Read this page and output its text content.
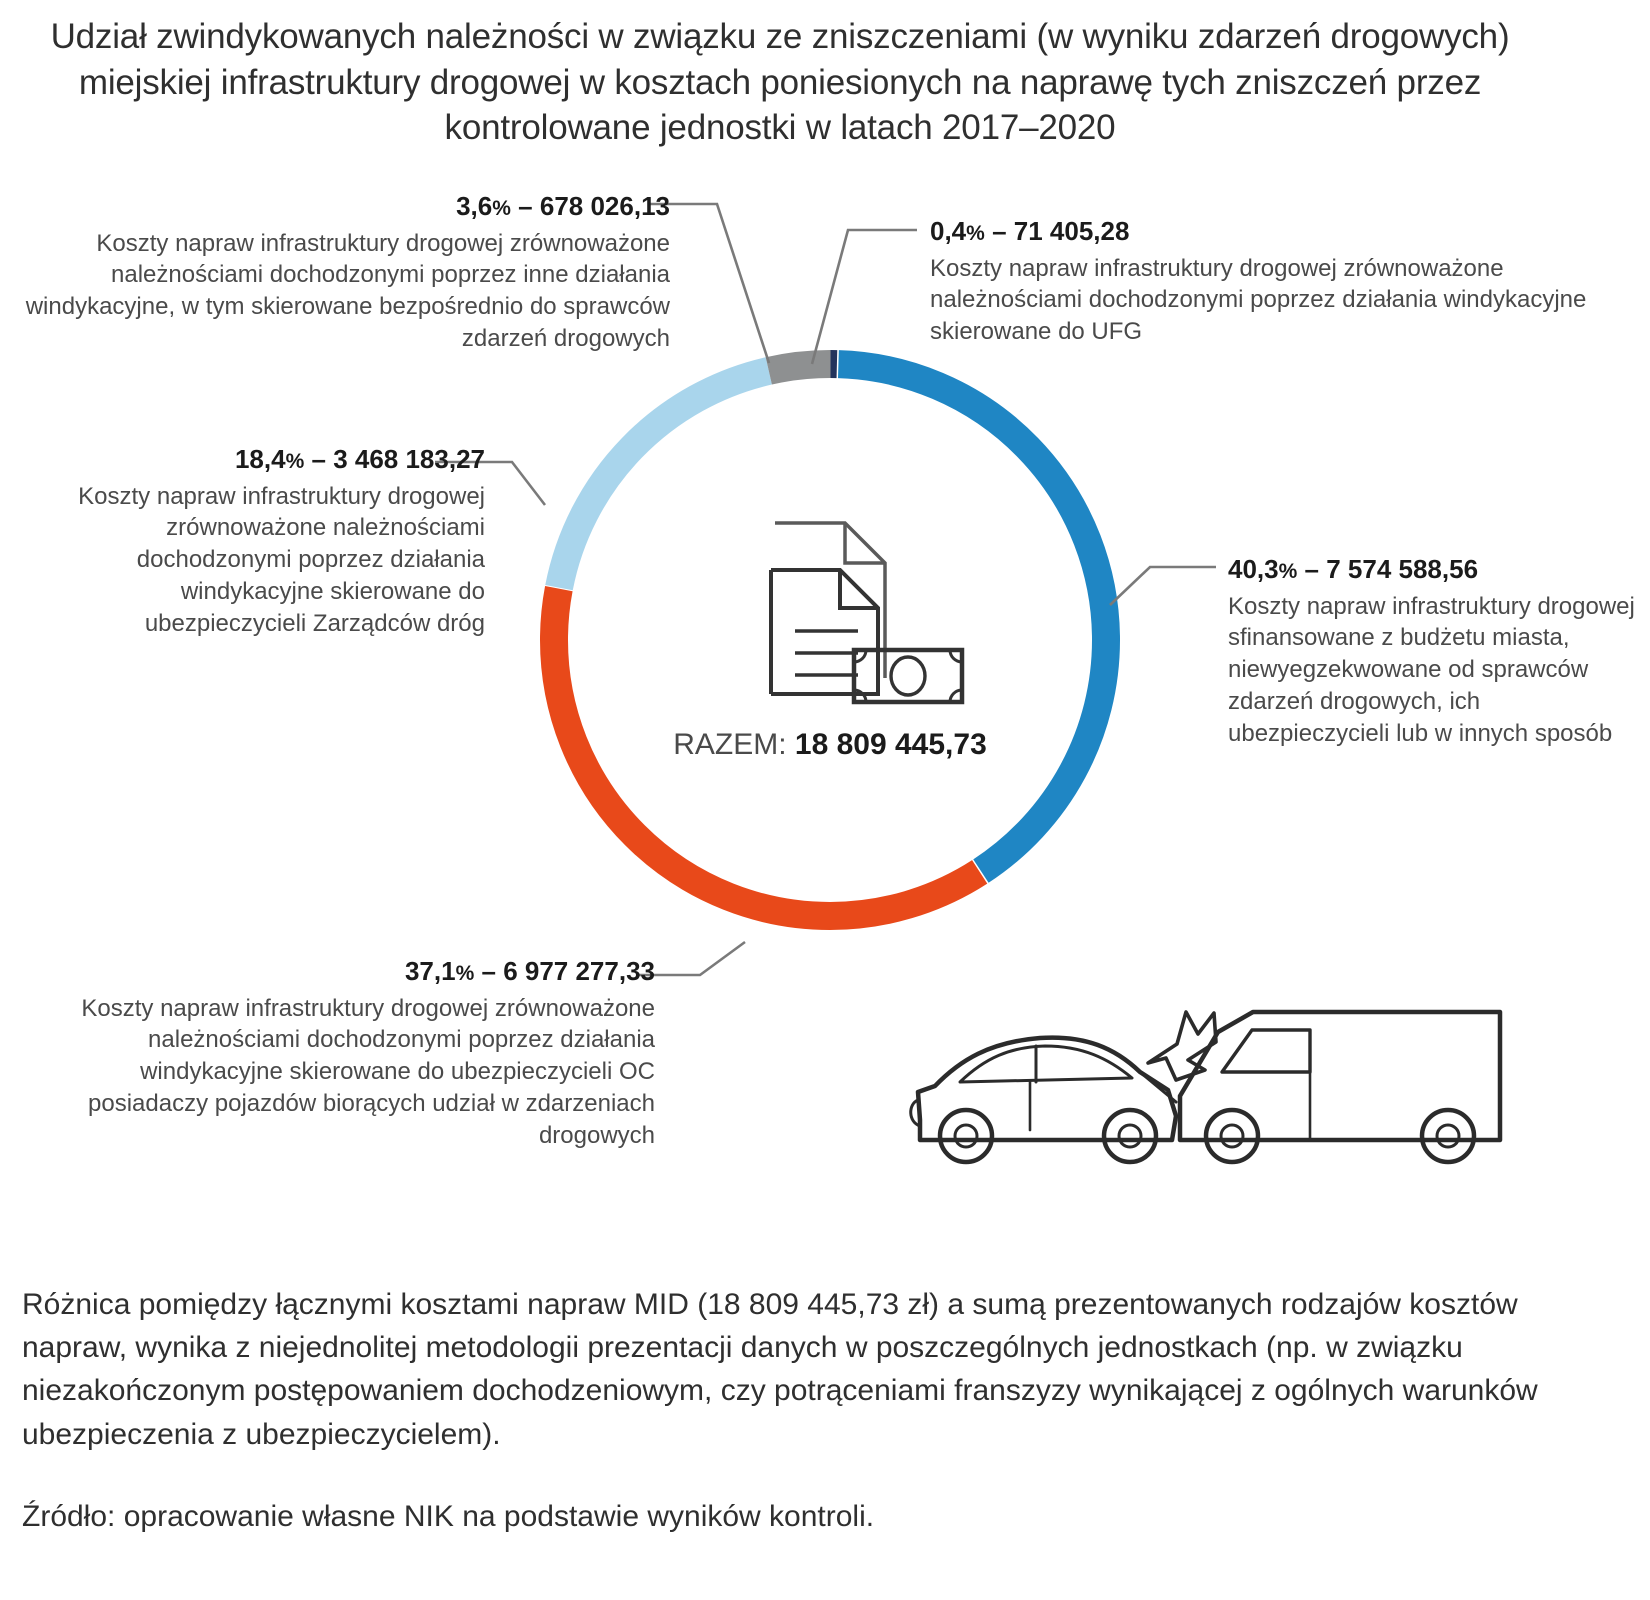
Udział zwindykowanych należności w związku ze zniszczeniami (w wyniku zdarzeń drogowych) miejskiej infrastruktury drogowej w kosztach poniesionych na naprawę tych zniszczeń przez kontrolowane jednostki w latach 2017–2020
3,6% – 678 026,13
Koszty napraw infrastruktury drogowej zrównoważone należnościami dochodzonymi poprzez inne działania windykacyjne, w tym skierowane bezpośrednio do sprawców zdarzeń drogowych
0,4% – 71 405,28
Koszty napraw infrastruktury drogowej zrównoważone należnościami dochodzonymi poprzez działania windykacyjne skierowane do UFG
18,4% – 3 468 183,27
Koszty napraw infrastruktury drogowej zrównoważone należnościami dochodzonymi poprzez działania windykacyjne skierowane do ubezpieczycieli Zarządców dróg
40,3% – 7 574 588,56
Koszty napraw infrastruktury drogowej sfinansowane z budżetu miasta, niewyegzekwowane od sprawców zdarzeń drogowych, ich ubezpieczycieli lub w innych sposób
37,1% – 6 977 277,33
Koszty napraw infrastruktury drogowej zrównoważone należnościami dochodzonymi poprzez działania windykacyjne skierowane do ubezpieczycieli OC posiadaczy pojazdów biorących udział w zdarzeniach drogowych
RAZEM: 18 809 445,73
Różnica pomiędzy łącznymi kosztami napraw MID (18 809 445,73 zł) a sumą prezentowanych rodzajów kosztów napraw, wynika z niejednolitej metodologii prezentacji danych w poszczególnych jednostkach (np. w związku niezakończonym postępowaniem dochodzeniowym, czy potrąceniami franszyzy wynikającej z ogólnych warunków ubezpieczenia z ubezpieczycielem).
Źródło: opracowanie własne NIK na podstawie wyników kontroli.
